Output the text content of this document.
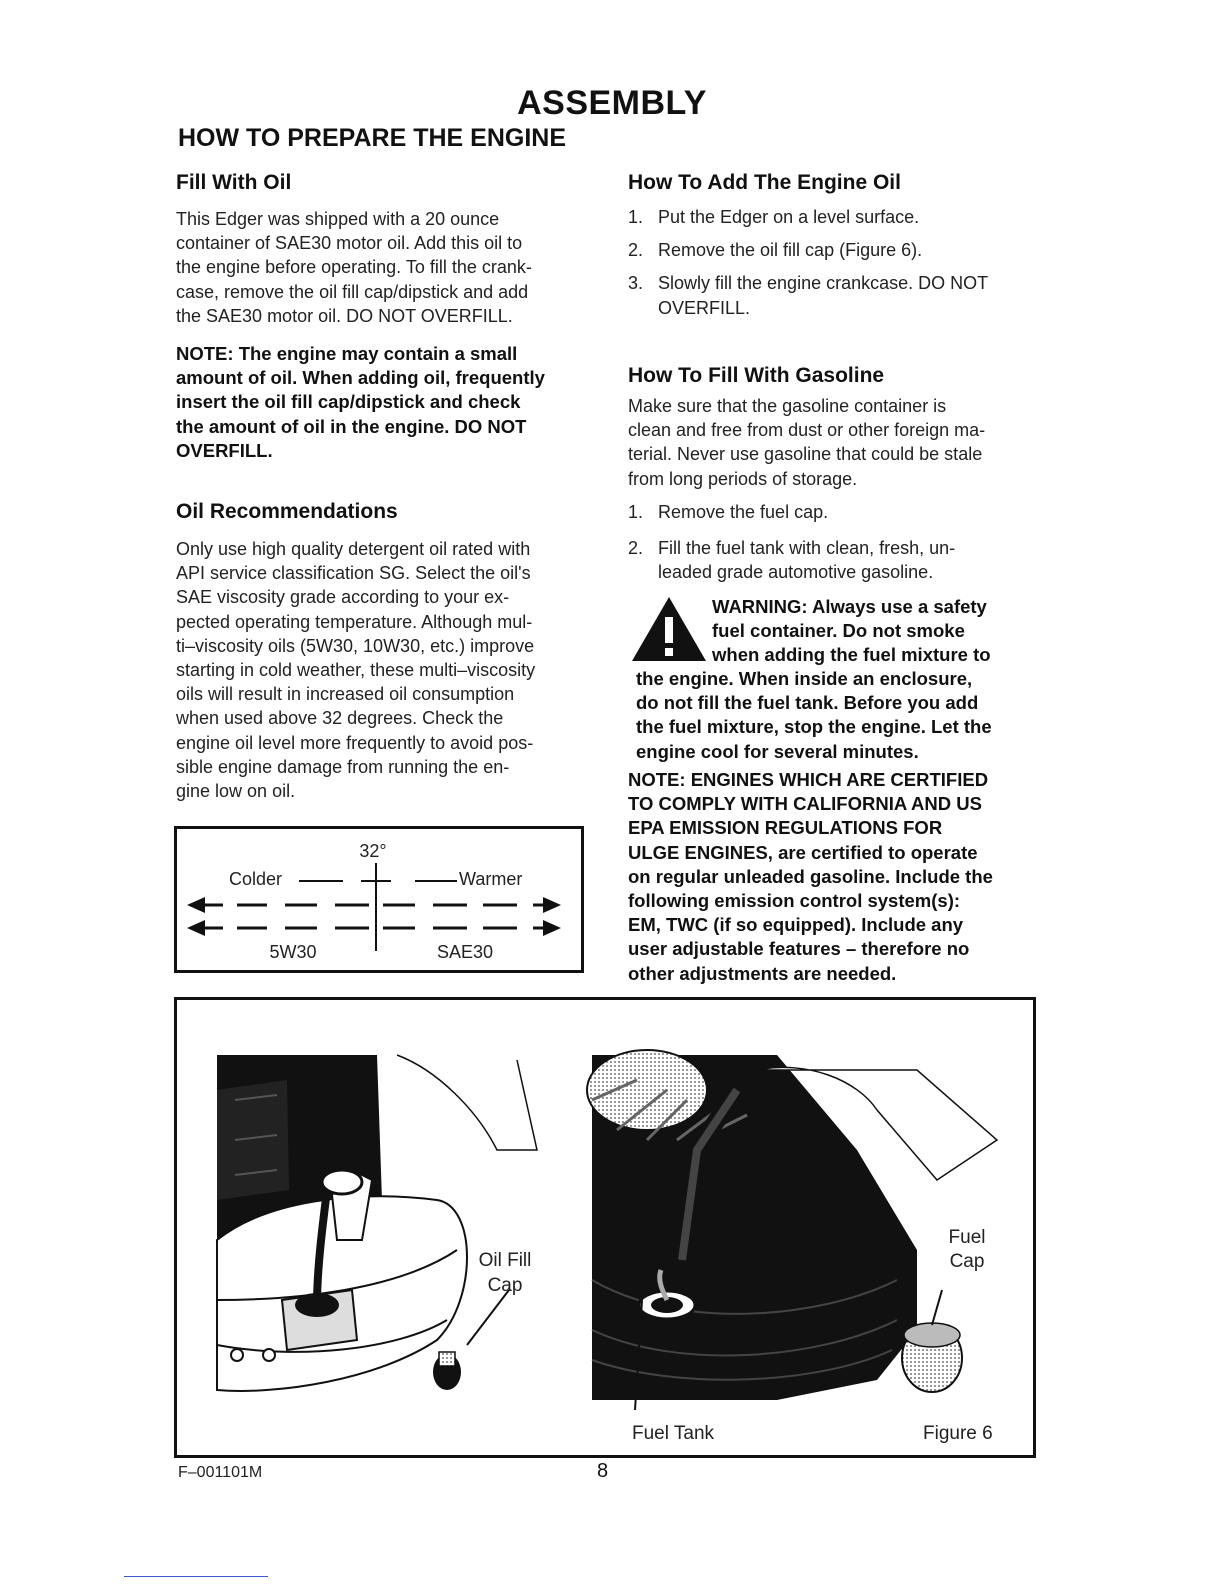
ASSEMBLY
HOW TO PREPARE THE ENGINE
Fill With Oil
This Edger was shipped with a 20 ounce
container of SAE30 motor oil. Add this oil to
the engine before operating. To fill the crank-
case, remove the oil fill cap/dipstick and add
the SAE30 motor oil. DO NOT OVERFILL.
NOTE: The engine may contain a small
amount of oil. When adding oil, frequently
insert the oil fill cap/dipstick and check
the amount of oil in the engine. DO NOT
OVERFILL.
Oil Recommendations
Only use high quality detergent oil rated with
API service classification SG. Select the oil's
SAE viscosity grade according to your ex-
pected operating temperature. Although mul-
ti–viscosity oils (5W30, 10W30, etc.) improve
starting in cold weather, these multi–viscosity
oils will result in increased oil consumption
when used above 32 degrees. Check the
engine oil level more frequently to avoid pos-
sible engine damage from running the en-
gine low on oil.
32°
Colder	Warmer
5W30	SAE30
How To Add The Engine Oil
1. Put the Edger on a level surface.
2. Remove the oil fill cap (Figure 6).
3. Slowly fill the engine crankcase. DO NOT
OVERFILL.
How To Fill With Gasoline
Make sure that the gasoline container is
clean and free from dust or other foreign ma-
terial. Never use gasoline that could be stale
from long periods of storage.
1. Remove the fuel cap.
2. Fill the fuel tank with clean, fresh, un-
leaded grade automotive gasoline.
WARNING: Always use a safety
fuel container. Do not smoke
when adding the fuel mixture to
the engine. When inside an enclosure,
do not fill the fuel tank. Before you add
the fuel mixture, stop the engine. Let the
engine cool for several minutes.
NOTE: ENGINES WHICH ARE CERTIFIED
TO COMPLY WITH CALIFORNIA AND US
EPA EMISSION REGULATIONS FOR
ULGE ENGINES, are certified to operate
on regular unleaded gasoline. Include the
following emission control system(s):
EM, TWC (if so equipped). Include any
user adjustable features – therefore no
other adjustments are needed.
Oil Fill
Cap
Fuel
Cap
Fuel Tank	Figure 6
F–001101M	8
